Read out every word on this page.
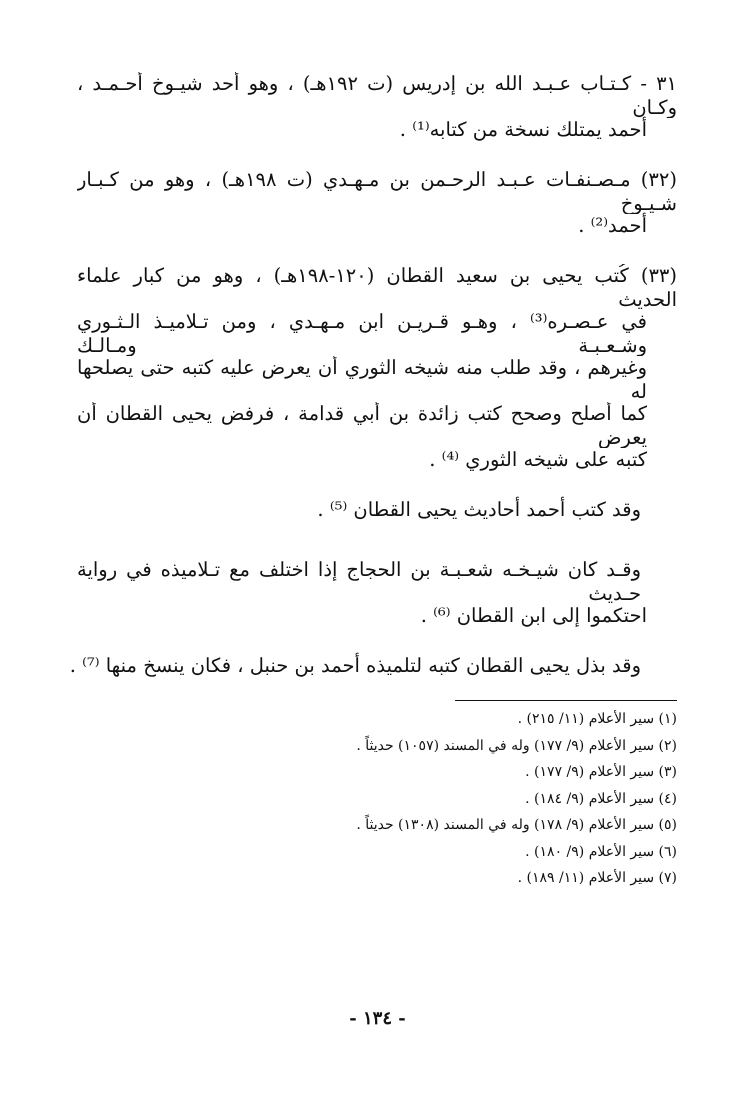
٣١ - كـتـاب عـبـد الله بن إدريس (ت ١٩٢هـ) ، وهو أحد شيـوخ أحـمـد ، وكـان
أحمد يمتلك نسخة من كتابه⁽¹⁾ .
(٣٢) مـصـنفـات عـبـد الرحـمن بن مـهـدي (ت ١٩٨هـ) ، وهو من كـبـار شـيـوخ
أحمد⁽²⁾ .
(٣٣) كُتب يحيى بن سعيد القطان (١٢٠-١٩٨هـ) ، وهو من كبار علماء الحديث
في عـصـره⁽³⁾ ، وهـو قـريـن ابن مـهـدي ، ومن تـلاميـذ الـثـوري وشـعـبـة ومـالـك
وغيرهم ، وقد طلب منه شيخه الثوري أن يعرض عليه كتبه حتى يصلحها له
كما أصلح وصحح كتب زائدة بن أبي قدامة ، فرفض يحيى القطان أن يعرض
كتبه على شيخه الثوري ⁽⁴⁾ .
وقد كتب أحمد أحاديث يحيى القطان ⁽⁵⁾ .
وقـد كان شيـخـه شعـبـة بن الحجاج إذا اختلف مع تـلاميذه في رواية حـديث
احتكموا إلى ابن القطان ⁽⁶⁾ .
وقد بذل يحيى القطان كتبه لتلميذه أحمد بن حنبل ، فكان ينسخ منها ⁽⁷⁾ .
(١) سير الأعلام (١١/ ٢١٥) .
(٢) سير الأعلام (٩/ ١٧٧) وله في المسند (١٠٥٧) حديثاً .
(٣) سير الأعلام (٩/ ١٧٧) .
(٤) سير الأعلام (٩/ ١٨٤) .
(٥) سير الأعلام (٩/ ١٧٨) وله في المسند (١٣٠٨) حديثاً .
(٦) سير الأعلام (٩/ ١٨٠) .
(٧) سير الأعلام (١١/ ١٨٩) .
- ١٣٤ -
